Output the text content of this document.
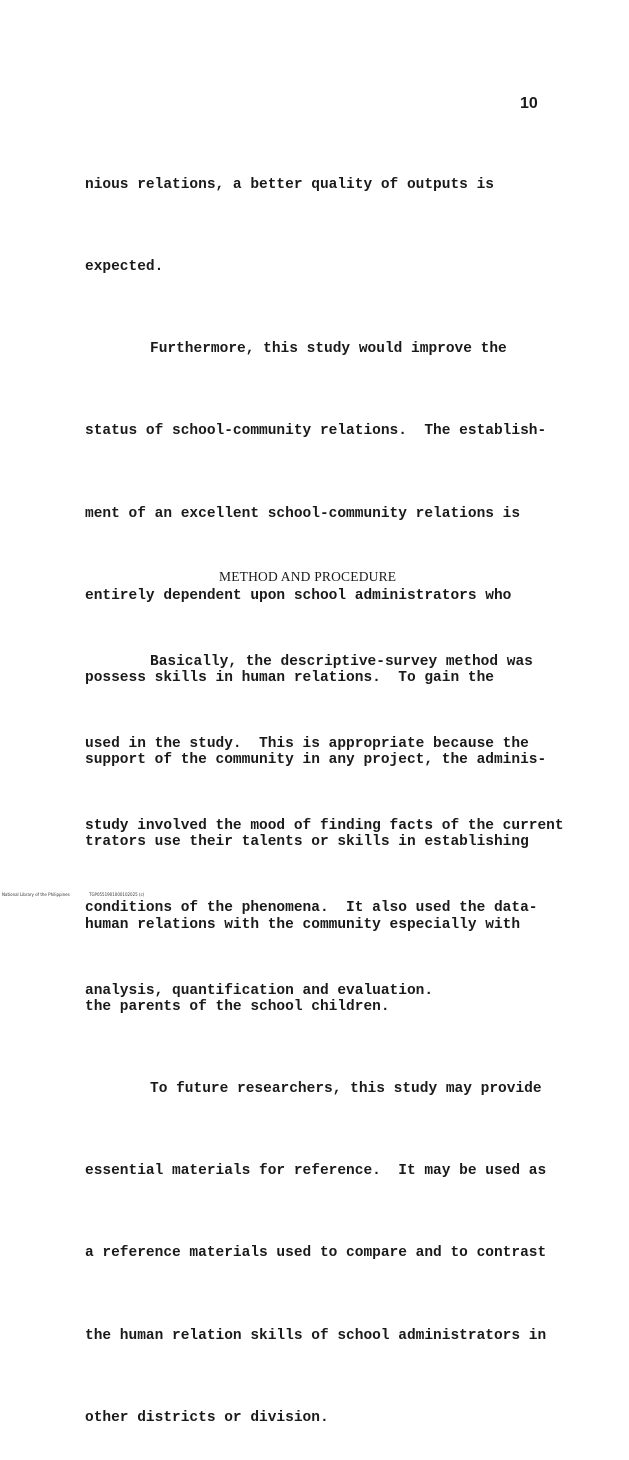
10

nious relations, a better quality of outputs is

expected.

Furthermore, this study would improve the

status of school-community relations.  The establish-

ment of an excellent school-community relations is

entirely dependent upon school administrators who

possess skills in human relations.  To gain the

support of the community in any project, the adminis-

trators use their talents or skills in establishing

human relations with the community especially with

the parents of the school children.

To future researchers, this study may provide

essential materials for reference.  It may be used as

a reference materials used to compare and to contrast

the human relation skills of school administrators in

other districts or division.

METHOD AND PROCEDURE

Basically, the descriptive-survey method was

used in the study.  This is appropriate because the

study involved the mood of finding facts of the current

conditions of the phenomena.  It also used the data-

analysis, quantification and evaluation.

National Library of the Philippines	TGP0551901000102025 (c)
